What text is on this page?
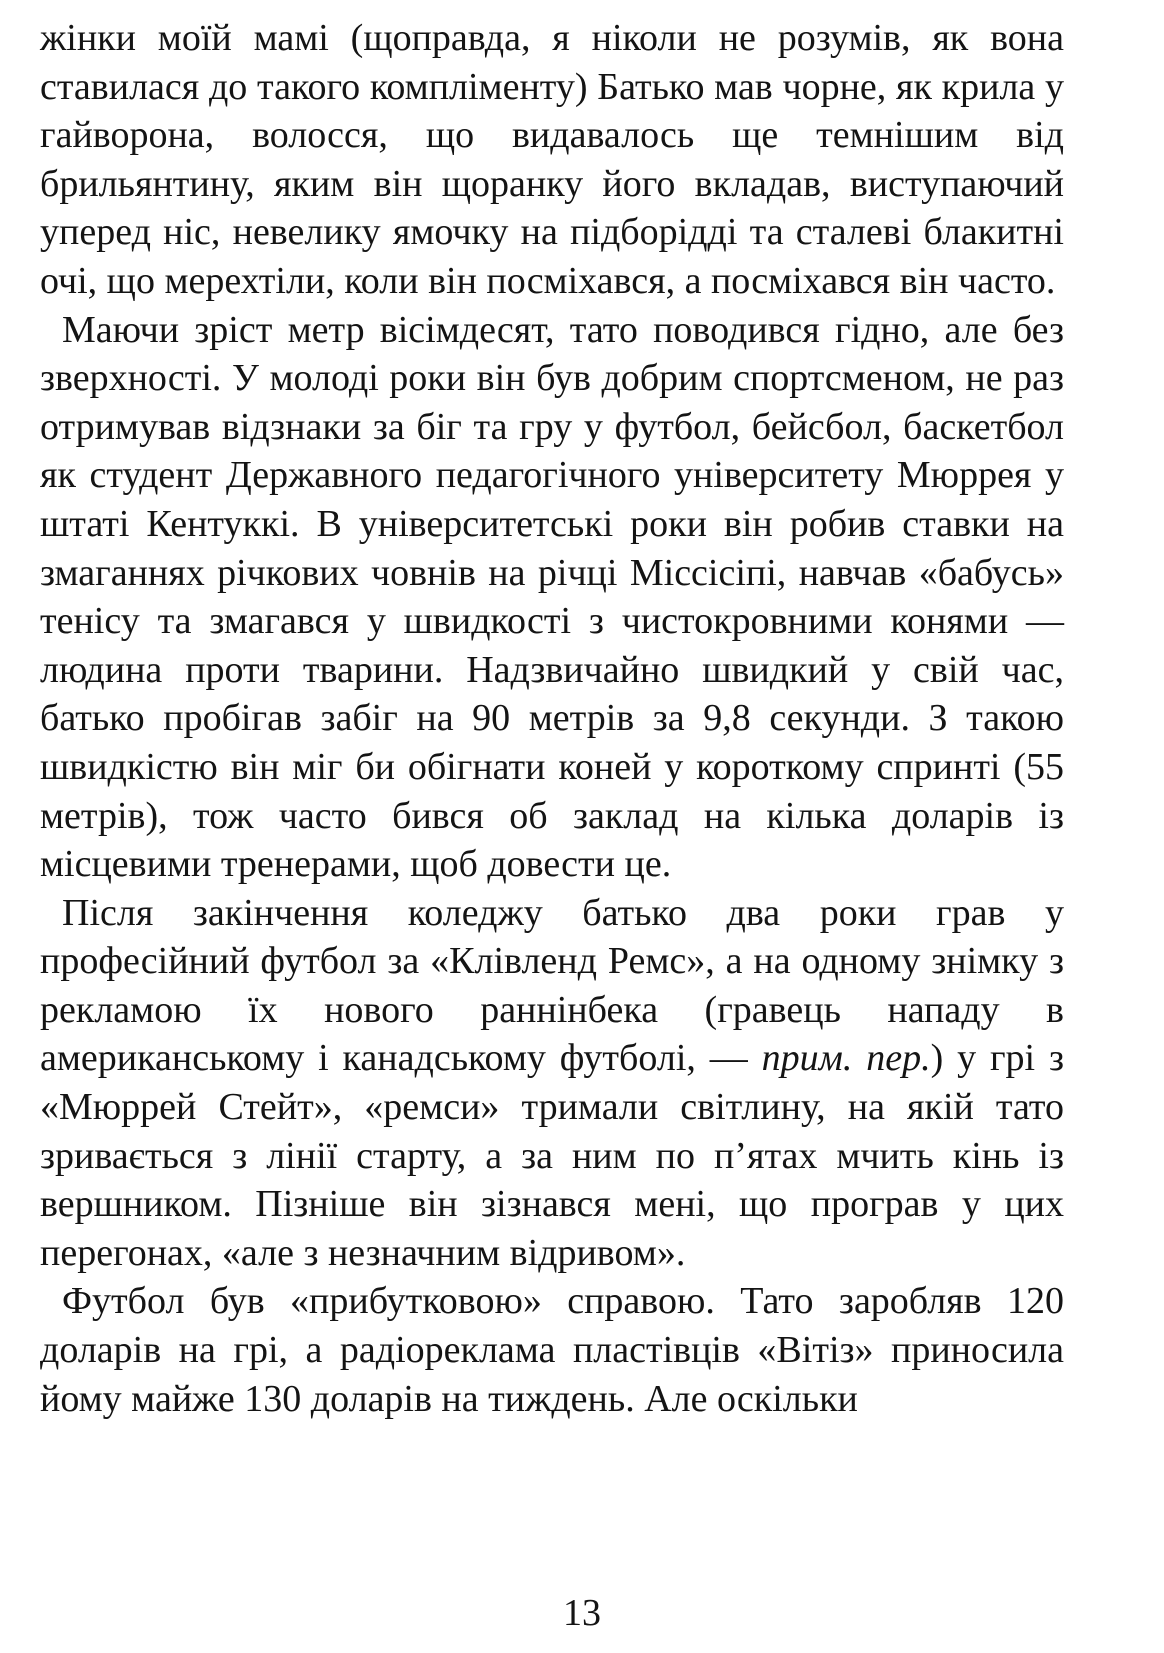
жінки моїй мамі (щоправда, я ніколи не розумів, як вона ставилася до такого компліменту) Батько мав чорне, як крила у гайворона, волосся, що видавалось ще темнішим від брильянтину, яким він щоранку його вкладав, виступаючий уперед ніс, невелику ямочку на підборідді та сталеві блакитні очі, що мерехтіли, коли він посміхався, а посміхався він часто.

Маючи зріст метр вісімдесят, тато поводився гідно, але без зверхності. У молоді роки він був добрим спортсменом, не раз отримував відзнаки за біг та гру у футбол, бейсбол, баскетбол як студент Державного педагогічного університету Мюррея у штаті Кентуккі. В університетські роки він робив ставки на змаганнях річкових човнів на річці Міссісіпі, навчав «бабусь» тенісу та змагався у швидкості з чистокровними конями — людина проти тварини. Надзвичайно швидкий у свій час, батько пробігав забіг на 90 метрів за 9,8 секунди. З такою швидкістю він міг би обігнати коней у короткому спринті (55 метрів), тож часто бився об заклад на кілька доларів із місцевими тренерами, щоб довести це.

Після закінчення коледжу батько два роки грав у професійний футбол за «Клівленд Ремс», а на одному знімку з рекламою їх нового раннінбека (гравець нападу в американському і канадському футболі, — прим. пер.) у грі з «Мюррей Стейт», «ремси» тримали світлину, на якій тато зривається з лінії старту, а за ним по п’ятах мчить кінь із вершником. Пізніше він зізнався мені, що програв у цих перегонах, «але з незначним відривом».

Футбол був «прибутковою» справою. Тато заробляв 120 доларів на грі, а радіореклама пластівців «Вітіз» приносила йому майже 130 доларів на тиждень. Але оскільки

13
